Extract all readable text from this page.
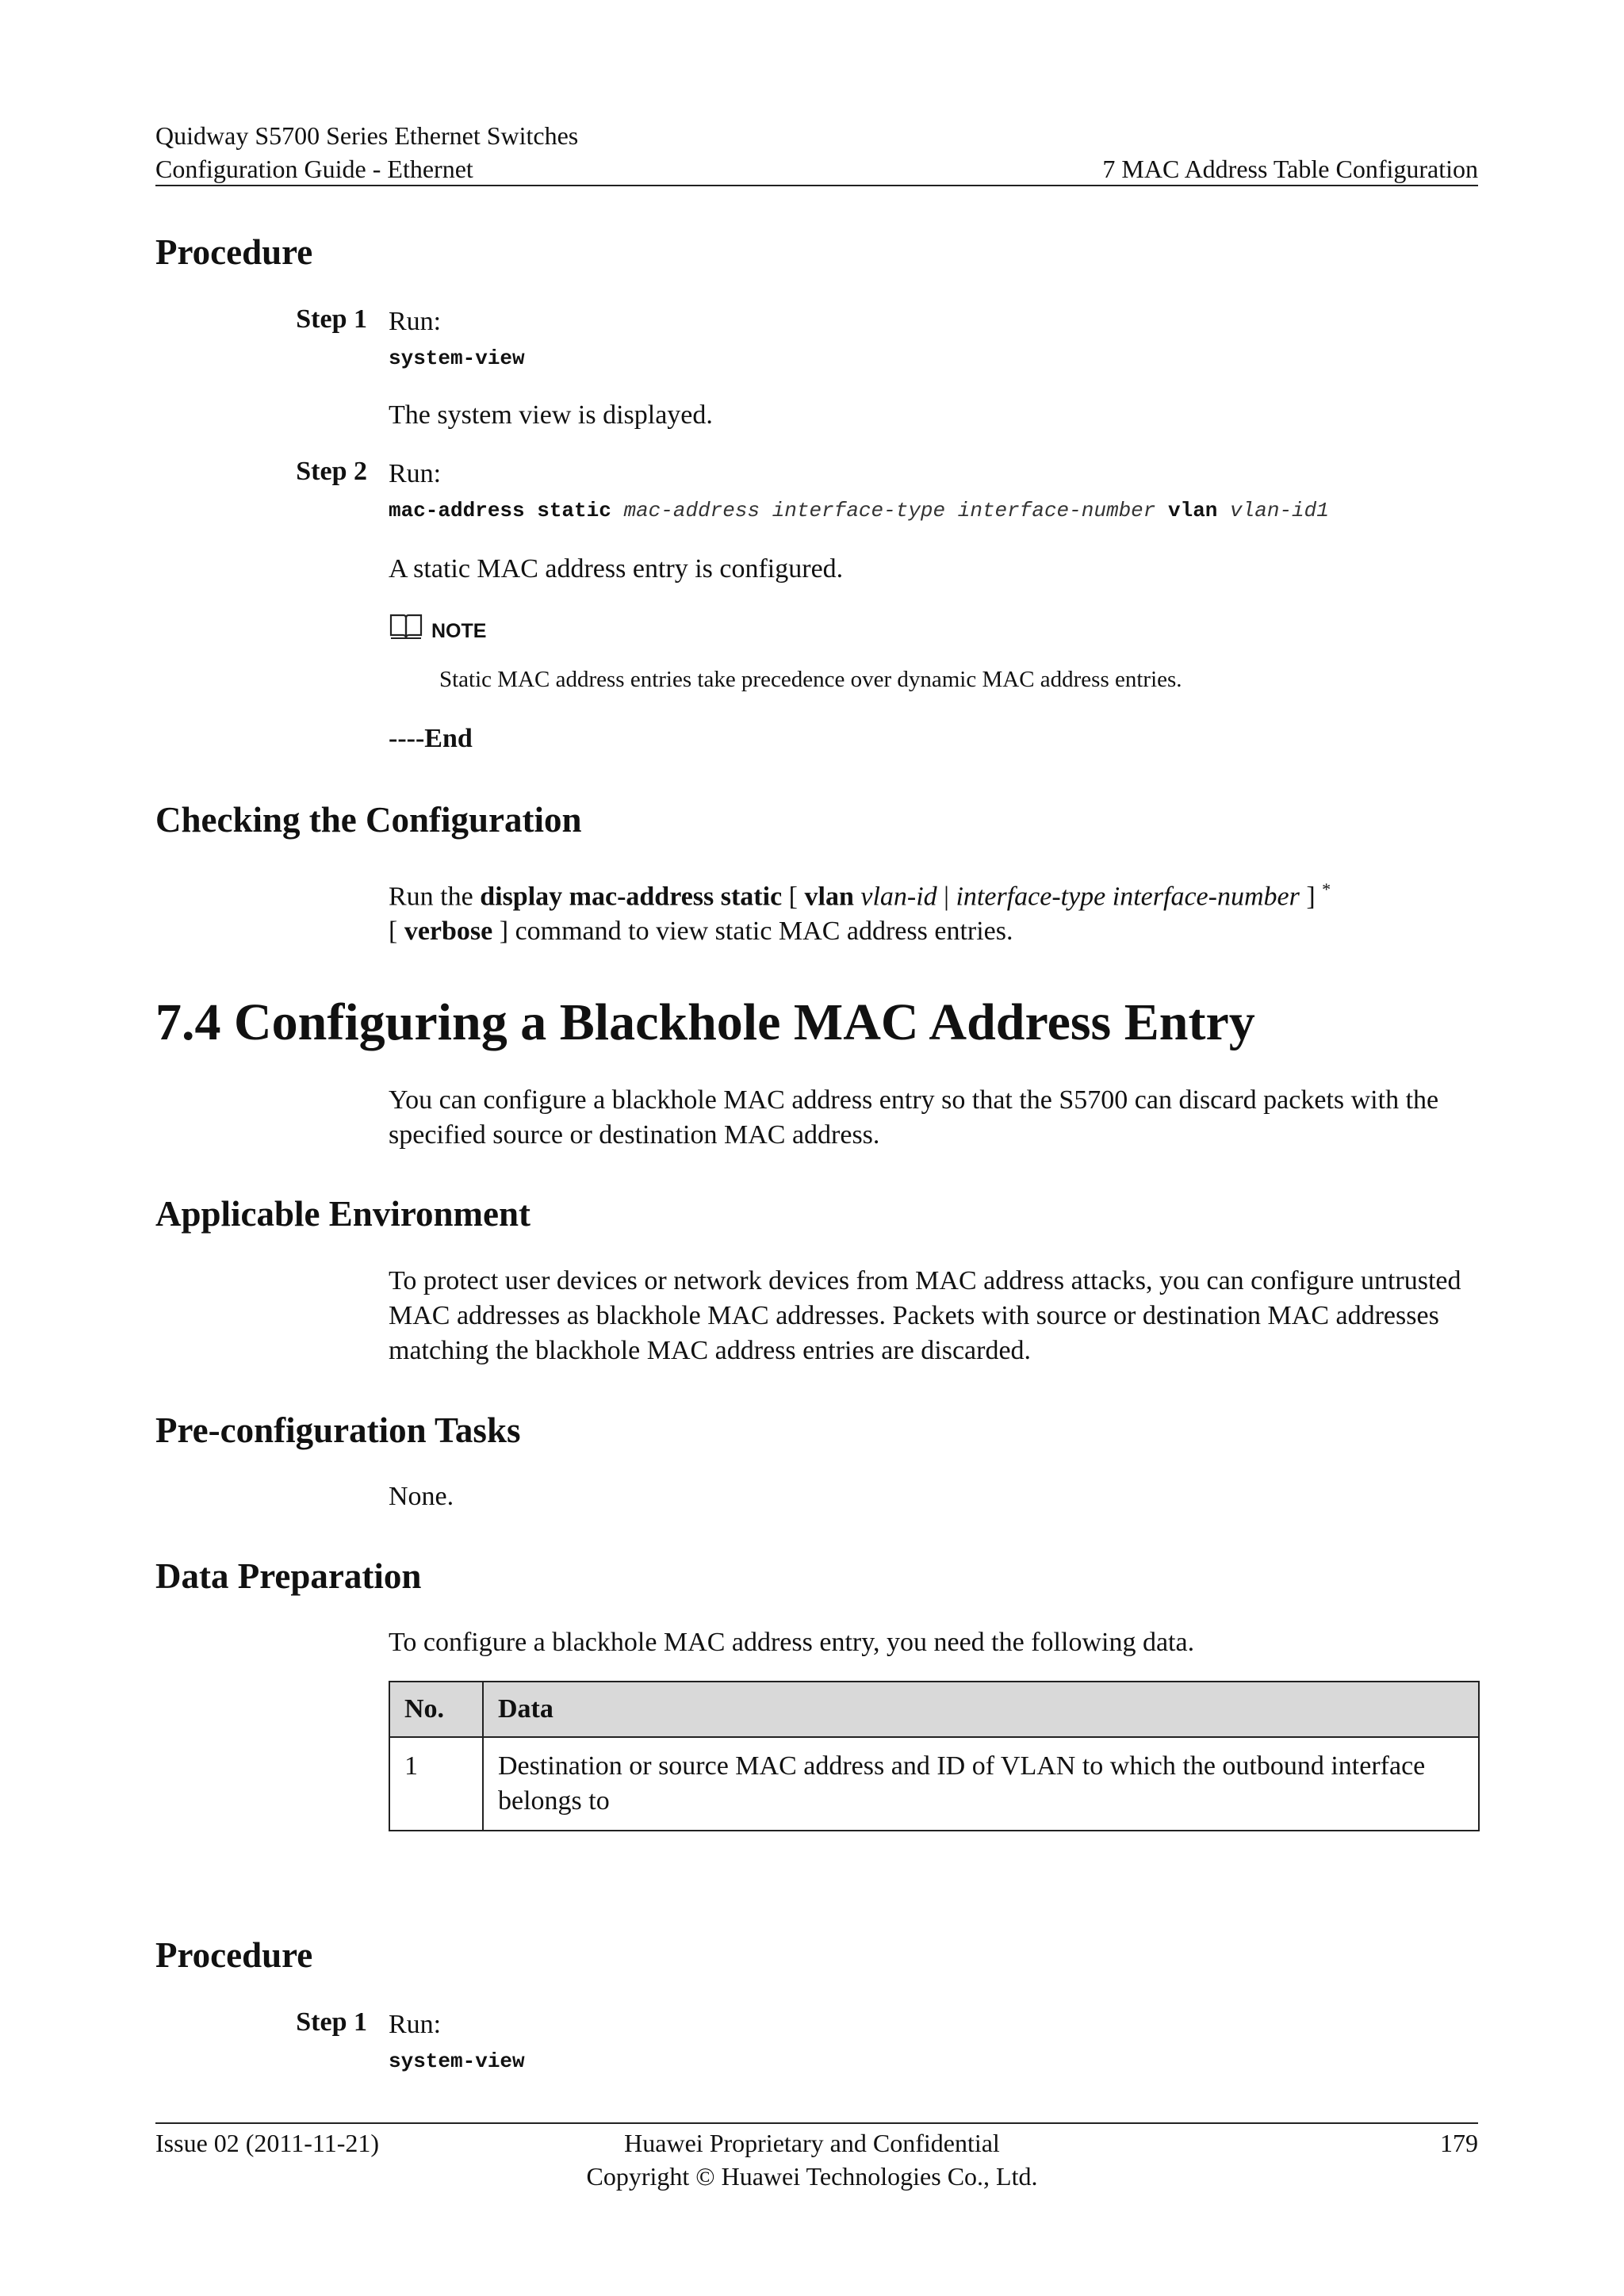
Quidway S5700 Series Ethernet Switches
Configuration Guide - Ethernet	7 MAC Address Table Configuration
Procedure
Step 1 Run:
system-view
The system view is displayed.
Step 2 Run:
mac-address static mac-address interface-type interface-number vlan vlan-id1
A static MAC address entry is configured.
NOTE
Static MAC address entries take precedence over dynamic MAC address entries.
----End
Checking the Configuration
Run the display mac-address static [ vlan vlan-id | interface-type interface-number ] *
[ verbose ] command to view static MAC address entries.
7.4 Configuring a Blackhole MAC Address Entry
You can configure a blackhole MAC address entry so that the S5700 can discard packets with the specified source or destination MAC address.
Applicable Environment
To protect user devices or network devices from MAC address attacks, you can configure untrusted MAC addresses as blackhole MAC addresses. Packets with source or destination MAC addresses matching the blackhole MAC address entries are discarded.
Pre-configuration Tasks
None.
Data Preparation
To configure a blackhole MAC address entry, you need the following data.
No.	Data
1	Destination or source MAC address and ID of VLAN to which the outbound interface belongs to
Procedure
Step 1 Run:
system-view
Issue 02 (2011-11-21)	Huawei Proprietary and Confidential
Copyright © Huawei Technologies Co., Ltd.
179
